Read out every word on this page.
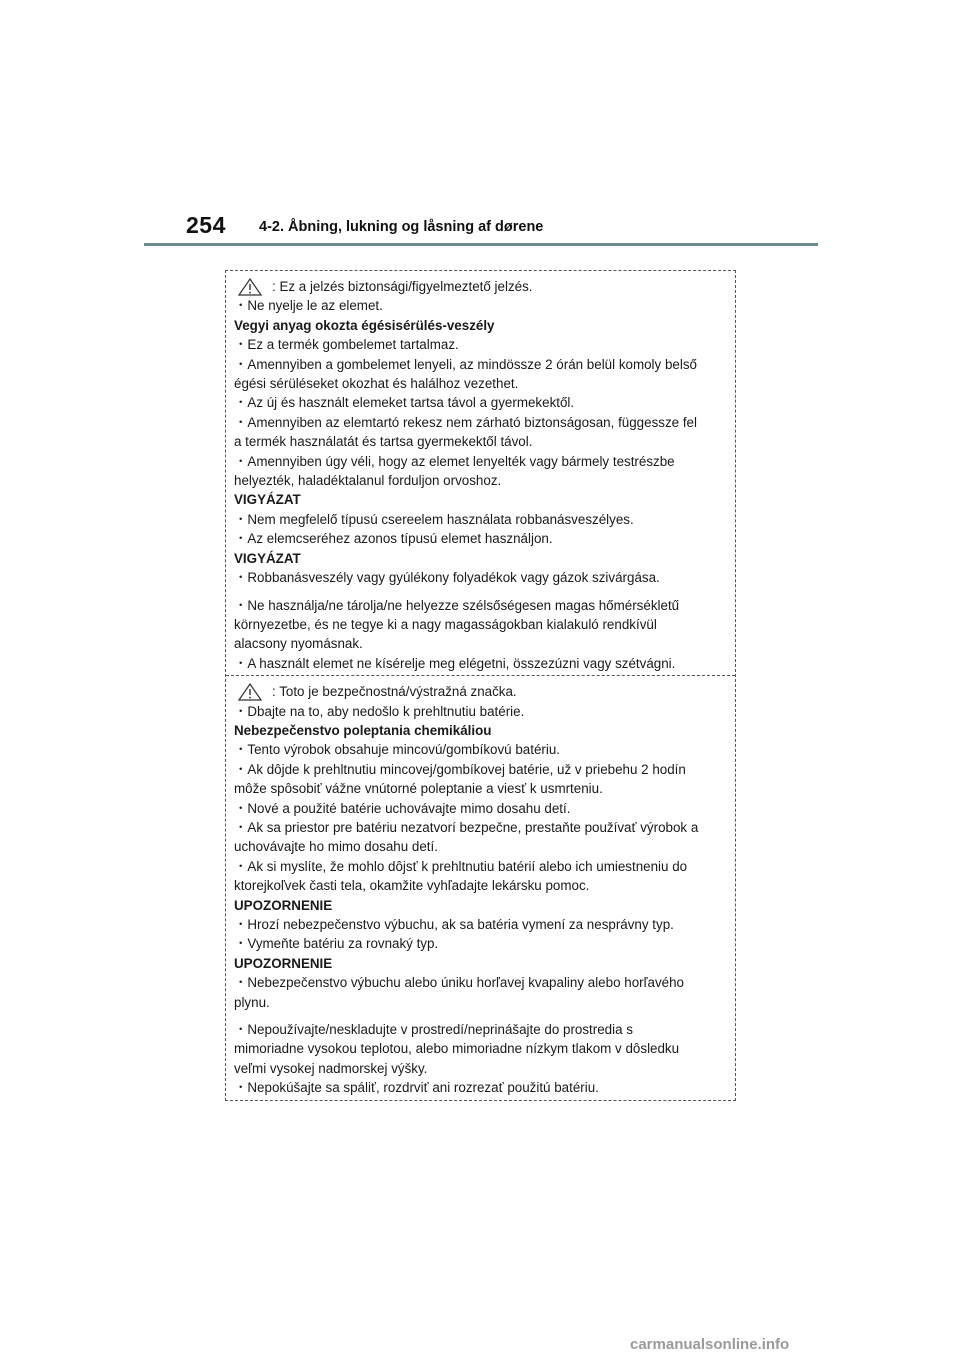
254 4-2. Åbning, lukning og låsning af dørene
: Ez a jelzés biztonsági/figyelmeztető jelzés.
・Ne nyelje le az elemet.
Vegyi anyag okozta égésisérülés-veszély
・Ez a termék gombelemet tartalmaz.
・Amennyiben a gombelemet lenyeli, az mindössze 2 órán belül komoly belső
égési sérüléseket okozhat és halálhoz vezethet.
・Az új és használt elemeket tartsa távol a gyermekektől.
・Amennyiben az elemtartó rekesz nem zárható biztonságosan, függessze fel
a termék használatát és tartsa gyermekektől távol.
・Amennyiben úgy véli, hogy az elemet lenyelték vagy bármely testrészbe
helyezték, haladéktalanul forduljon orvoshoz.
VIGYÁZAT
・Nem megfelelő típusú csereelem használata robbanásveszélyes.
・Az elemcseréhez azonos típusú elemet használjon.
VIGYÁZAT
・Robbanásveszély vagy gyúlékony folyadékok vagy gázok szivárgása.
・Ne használja/ne tárolja/ne helyezze szélsőségesen magas hőmérsékletű
környezetbe, és ne tegye ki a nagy magasságokban kialakuló rendkívül
alacsony nyomásnak.
・A használt elemet ne kísérelje meg elégetni, összezúzni vagy szétvágni.
: Toto je bezpečnostná/výstražná značka.
・Dbajte na to, aby nedošlo k prehltnutiu batérie.
Nebezpečenstvo poleptania chemikáliou
・Tento výrobok obsahuje mincovú/gombíkovú batériu.
・Ak dôjde k prehltnutiu mincovej/gombíkovej batérie, už v priebehu 2 hodín
môže spôsobiť vážne vnútorné poleptanie a viesť k usmrteniu.
・Nové a použité batérie uchovávajte mimo dosahu detí.
・Ak sa priestor pre batériu nezatvorí bezpečne, prestaňte používať výrobok a
uchovávajte ho mimo dosahu detí.
・Ak si myslíte, že mohlo dôjsť k prehltnutiu batérií alebo ich umiestneniu do
ktorejkoľvek časti tela, okamžite vyhľadajte lekársku pomoc.
UPOZORNENIE
・Hrozí nebezpečenstvo výbuchu, ak sa batéria vymení za nesprávny typ.
・Vymeňte batériu za rovnaký typ.
UPOZORNENIE
・Nebezpečenstvo výbuchu alebo úniku horľavej kvapaliny alebo horľavého
plynu.
・Nepoužívajte/neskladujte v prostredí/neprinášajte do prostredia s
mimoriadne vysokou teplotou, alebo mimoriadne nízkym tlakom v dôsledku
veľmi vysokej nadmorskej výšky.
・Nepokúšajte sa spáliť, rozdrviť ani rozrezať použitú batériu.
carmanualsonline.info
